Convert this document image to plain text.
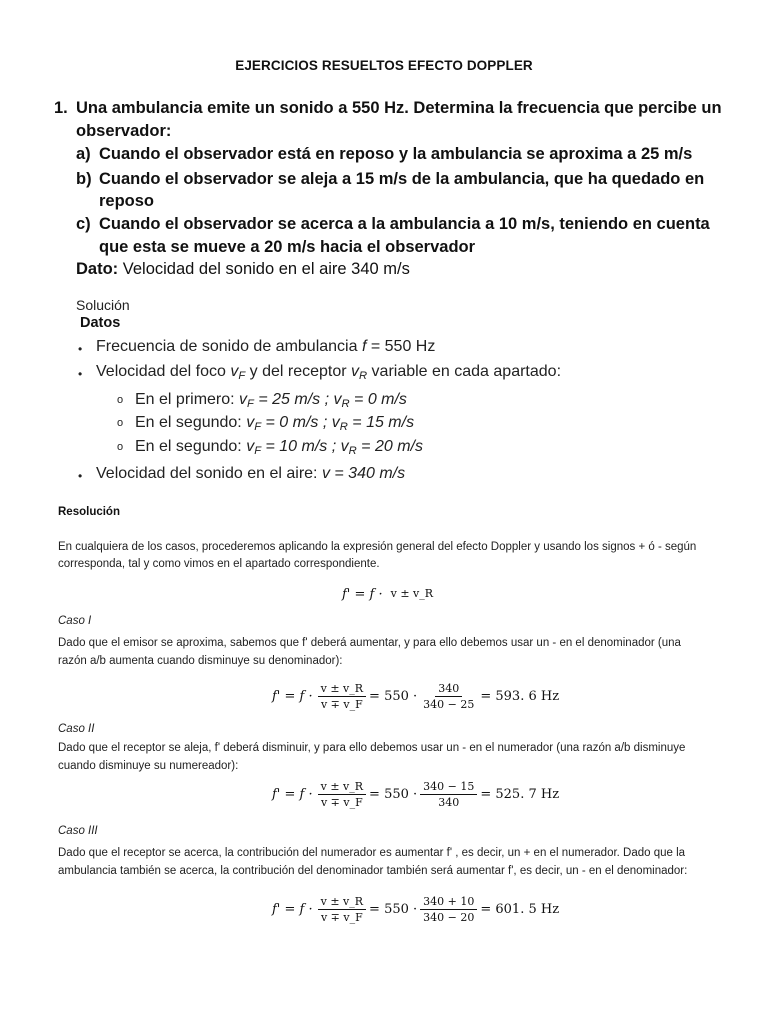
EJERCICIOS RESUELTOS EFECTO DOPPLER
1. Una ambulancia emite un sonido a 550 Hz. Determina la frecuencia que percibe un
observador:
a) Cuando el observador está en reposo y la ambulancia se aproxima a 25 m/s
b) Cuando el observador se aleja a 15 m/s de la ambulancia, que ha quedado en
reposo
c) Cuando el observador se acerca a la ambulancia a 10 m/s, teniendo en cuenta
que esta se mueve a 20 m/s hacia el observador
Dato: Velocidad del sonido en el aire 340 m/s
Solución
Datos
• Frecuencia de sonido de ambulancia f = 550 Hz
• Velocidad del foco $v_F$ y del receptor $v_R$ variable en cada apartado:
o En el primero: $v_F = 25$ m/s ; $v_R = 0$ m/s
o En el segundo: $v_F = 0$ m/s ; $v_R = 15$ m/s
o En el segundo: $v_F = 10$ m/s ; $v_R = 20$ m/s
• Velocidad del sonido en el aire: v = 340 m/s
Resolución
En cualquiera de los casos, procederemos aplicando la expresión general del efecto Doppler y usando los signos + ó - según
corresponda, tal y como vimos en el apartado correspondiente.
f' = f · v ± v_R
Caso I
Dado que el emisor se aproxima, sabemos que f' deberá aumentar, y para ello debemos usar un - en el denominador (una
razón a/b aumenta cuando disminuye su denominador):
$f' = f \cdot \frac{v \pm v\_R}{v \mp v\_F} = 550 \cdot \frac{340}{340 - 25} = 593$. 6 Hz
Caso II
Dado que el receptor se aleja, f' deberá disminuir, y para ello debemos usar un - en el numerador (una razón a/b disminuye
cuando disminuye su numereador):
$f' = f \cdot \frac{v \pm v\_R}{v \mp v\_F} = 550 \cdot \frac{340 - 15}{340} = 525$. 7 Hz
Caso III
Dado que el receptor se acerca, la contribución del numerador es aumentar f' , es decir, un + en el numerador. Dado que la
ambulancia también se acerca, la contribución del denominador también será aumentar f', es decir, un - en el denominador:
$f' = f \cdot \frac{v \pm v\_R}{v \mp v\_F} = 550 \cdot \frac{340 + 10}{340 - 20} = 601$. 5 Hz
